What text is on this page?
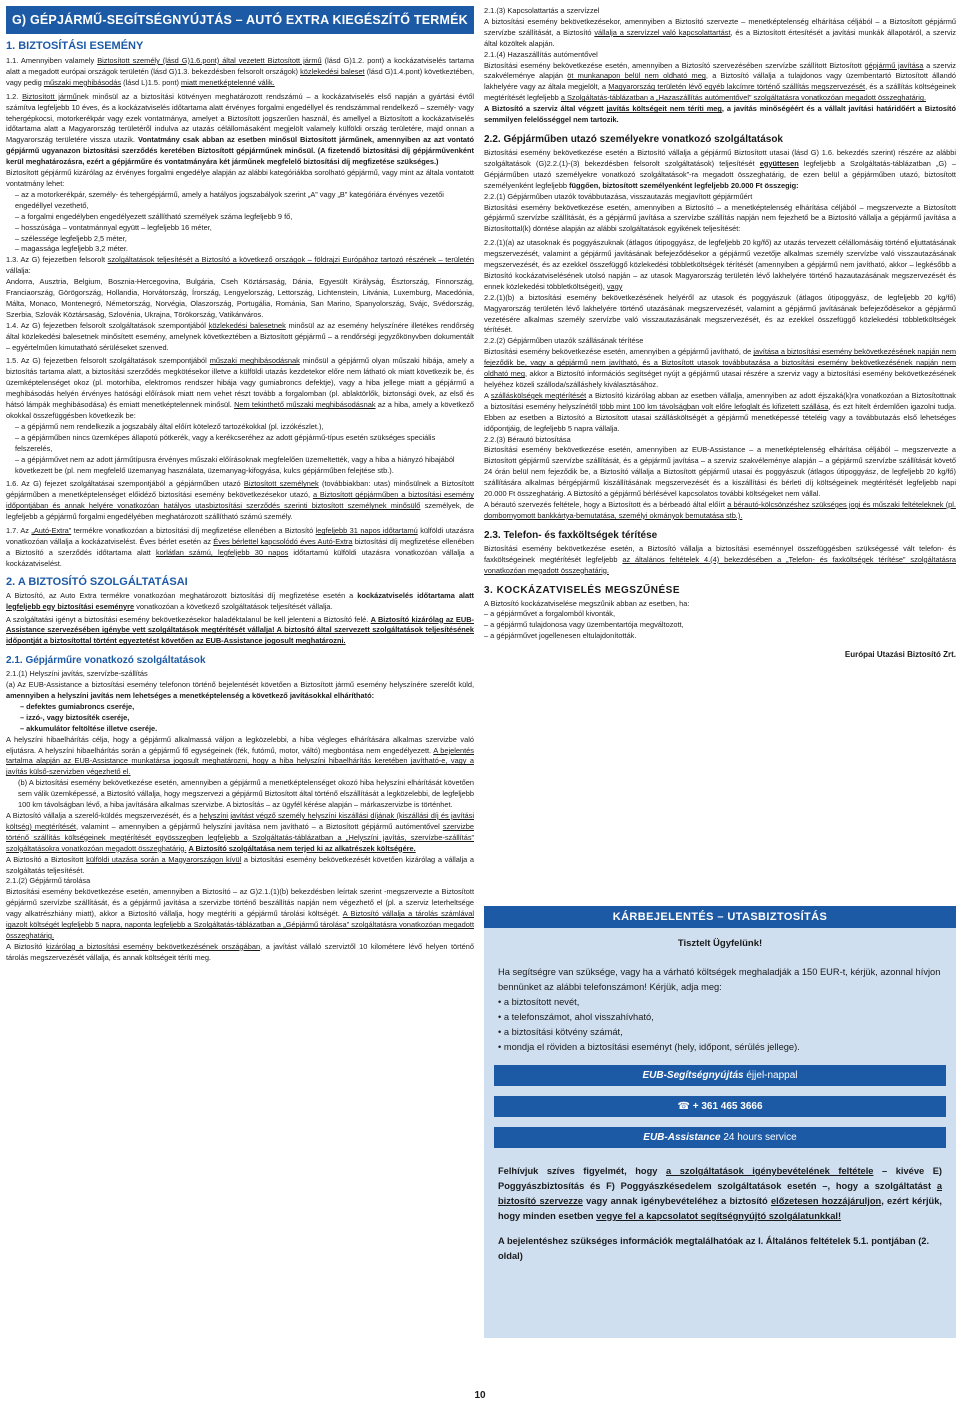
G) GÉPJÁRMŰ-SEGÍTSÉGNYÚJTÁS – AUTÓ EXTRA KIEGÉSZÍTŐ TERMÉK
1. BIZTOSÍTÁSI ESEMÉNY
1.1. Amennyiben valamely Biztosított személy (lásd G)1.6.pont) által vezetett Biztosított jármű (lásd G)1.2. pont) a kockázatviselés tartama alatt a megadott európai országok területén (lásd G)1.3. bekezdésben felsorolt országok) közlekedési baleset (lásd G)1.4.pont) következtében, vagy pedig műszaki meghibásodás (lásd L)1.5. pont) miatt menetképtelenné válik.
1.2. Biztosított járműnek minősül az a biztosítási kötvényen meghatározott rendszámú – a kockázatviselés első napján a gyártási évtől számítva legfeljebb 10 éves, és a kockázatviselés időtartama alatt érvényes forgalmi engedéllyel és rendszámmal rendelkező – személy- vagy tehergépkocsi, motorkerékpár vagy ezek vontatmánya, amelyet a Biztosított jogszerűen használ, és amellyel a Biztosított a kockázatviselés időtartama alatt a Magyarország területéről indulva az utazás célállomásaként megjelölt valamely külföldi ország területére, majd onnan a Magyarország területére vissza utazik. Vontatmány csak abban az esetben minősül Biztosított járműnek, amennyiben az azt vontató gépjármű ugyanazon biztosítási szerződés keretében Biztosított gépjárműnek minősül. (A fizetendő biztosítási díj gépjárművenként kerül meghatározásra, ezért a gépjárműre és vontatmányára két járműnek megfelelő biztosítási díj megfizetése szükséges.)
Biztosított gépjármű kizárólag az érvényes forgalmi engedélye alapján az alábbi kategóriákba sorolható gépjármű, vagy mint az általa vontatott vontatmány lehet:
– az a motorkerékpár, személy- és tehergépjármű, amely a hatályos jogszabályok szerint „A” vagy „B” kategóriára érvényes vezetői engedéllyel vezethető,
– a forgalmi engedélyben engedélyezett szállítható személyek száma legfeljebb 9 fő,
– hosszúsága – vontatmánnyal együtt – legfeljebb 16 méter,
– szélessége legfeljebb 2,5 méter,
– magassága legfeljebb 3,2 méter.
1.3. Az G) fejezetben felsorolt szolgáltatások teljesítését a Biztosító a következő országok – földrajzi Európához tartozó részének – területén vállalja:
Andorra, Ausztria, Belgium, Bosznia-Hercegovina, Bulgária, Cseh Köztársaság, Dánia, Egyesült Királyság, Észtország, Finnország, Franciaország, Görögország, Hollandia, Horvátország, Írország, Lengyelország, Lettország, Lichtenstein, Litvánia, Luxemburg, Macedónia, Málta, Monaco, Montenegró, Németország, Norvégia, Olaszország, Portugália, Románia, San Marino, Spanyolország, Svájc, Svédország, Szerbia, Szlovák Köztársaság, Szlovénia, Ukrajna, Törökország, Vatikánváros.
1.4. Az G) fejezetben felsorolt szolgáltatások szempontjából közlekedési balesetnek minősül az az esemény helyszínére illetékes rendőrség által közlekedési balesetnek minősített esemény, amelynek következtében a Biztosított gépjármű – a rendőrségi jegyzőkönyvben dokumentált – egyértelműen kimutatható sérüléseket szenved.
1.5. Az G) fejezetben felsorolt szolgáltatások szempontjából műszaki meghibásodásnak minősül a gépjármű olyan műszaki hibája, amely a biztosítás tartama alatt, a biztosítási szerződés megkötésekor illetve a külföldi utazás kezdetekor előre nem látható ok miatt következik be, és üzemképtelenséget okoz (pl. motorhiba, elektromos rendszer hibája vagy gumiabroncs defektje), vagy a hiba jellege miatt a gépjármű a meghibásodás helyén érvényes hatósági előírások miatt nem vehet részt tovább a forgalomban (pl. ablaktörlők, biztonsági övek, az első és hátsó lámpák meghibásodása) és emiatt menetképtelennek minősül. Nem tekinthető műszaki meghibásodásnak az a hiba, amely a következő okokkal összefüggésben következik be:
– a gépjármű nem rendelkezik a jogszabály által előírt kötelező tartozékokkal (pl. izzókészlet.),
– a gépjárműben nincs üzemképes állapotú pótkerék, vagy a kerékcseréhez az adott gépjármű-típus esetén szükséges speciális felszerelés,
– a gépjárművet nem az adott járműtípusra érvényes műszaki előírásoknak megfelelően üzemeltették, vagy a hiba a hiányzó hibajából következett be (pl. nem megfelelő üzemanyag használata, üzemanyag-kifogyása, kulcs gépjárműben felejtése stb.).
1.6. Az G) fejezet szolgáltatásai szempontjából a gépjárműben utazó Biztosított személynek (továbbiakban: utas) minősülnek a Biztosított gépjárműben a menetképtelenséget előidéző biztosítási esemény bekövetkezésekor utazó, a Biztosított gépjárműben a biztosítási esemény időpontjában és annak helyére vonatkozóan hatályos utasbiztosítási szerződés szerinti biztosított személynek minősülő személyek, de legfeljebb a gépjármű forgalmi engedélyében meghatározott szállítható számú személy.
1.7. Az „Autó-Extra” termékre vonatkozóan a biztosítási díj megfizetése ellenében a Biztosító legfeljebb 31 napos időtartamú külföldi utazásra vonatkozóan vállalja a kockázatviselést. Éves bérlet esetén az Éves bérlettel kapcsolódó éves Autó-Extra biztosítási díj megfizetése ellenében a Biztosító a szerződés időtartama alatt korlátlan számú, legfeljebb 30 napos időtartamú külföldi utazásra vonatkozóan vállalja a kockázatviselést.
2. A BIZTOSÍTÓ SZOLGÁLTATÁSAI
A Biztosító, az Auto Extra termékre vonatkozóan meghatározott biztosítási díj megfizetése esetén a kockázatviselés időtartama alatt legfeljebb egy biztosítási eseményre vonatkozóan a következő szolgáltatások teljesítését vállalja.
A szolgáltatási igényt a biztosítási esemény bekövetkezésekor haladéktalanul be kell jelenteni a Biztosító felé. A Biztosító kizárólag az EUB-Assistance szervezésében igénybe vett szolgáltatások megtérítését vállalja! A biztosító által szervezett szolgáltatások teljesítésének időpontját a biztosítottal történt egyeztetést követően az EUB-Assistance jogosult meghatározni.
2.1. Gépjárműre vonatkozó szolgáltatások
2.1.(1) Helyszíni javítás, szervízbe-szállítás
(a) Az EUB-Assistance a biztosítási esemény telefonon történő bejelentését követően a Biztosított jármű esemény helyszínére szerelőt küld, amennyiben a helyszíni javítás nem lehetséges a menetképtelenség a következő javításokkal elhárítható:
– defektes gumiabroncs cseréje,
– izzó-, vagy biztosíték cseréje,
– akkumulátor feltöltése illetve cseréje.
A helyszíni hibaelhárítás célja, hogy a gépjármű alkalmassá váljon a legközelebbi, a hiba végleges elhárítására alkalmas szervizbe való eljutásra. A helyszíni hibaelhárítás során a gépjármű fő egységeinek (fék, futómű, motor, váltó) megbontása nem engedélyezett. A bejelentés tartalma alapján az EUB-Assistance munkatársa jogosult meghatározni, hogy a hiba helyszíni hibaelhárítás keretében javítható-e, vagy a javítás külső-szervizben végezhető el.
(b) A biztosítási esemény bekövetkezése esetén, amennyiben a gépjármű a menetképtelenséget okozó hiba helyszíni elhárítását követően sem válik üzemképessé, a Biztosító vállalja, hogy megszervezi a gépjármű Biztosított által történő elszállítását a legközelebbi, de legfeljebb 100 km távolságban lévő, a hiba javítására alkalmas szervizbe. A biztosítás – az ügyfél kérése alapján – márkaszervizbe is történhet.
A Biztosító vállalja a szerelő-küldés megszervezését, és a helyszíni javítást végző személy helyszíni kiszállási díjának (kiszállási díj és javítási költség) megtérítését, valamint – amennyiben a gépjármű helyszíni javítása nem javítható – a Biztosított gépjármű autómentővel szervizbe történő szállítás költségeinek megtérítését egyösszegben legfeljebb a Szolgáltatás-táblázatban a „Helyszíni javítás, szervízbe-szállítás” szolgáltatásokra vonatkozóan megadott összeghatárig. A Biztosító szolgáltatása nem terjed ki az alkatrészek költségére.
A Biztosító a Biztosított külföldi utazása során a Magyarországon kívül a biztosítási esemény bekövetkezését követően kizárólag a vállalja a szolgáltatás teljesítését.
2.1.(2) Gépjármű tárolása
Biztosítási esemény bekövetkezése esetén, amennyiben a Biztosító – az G)2.1.(1)(b) bekezdésben leírtak szerint -megszervezte a Biztosított gépjármű szervízbe szállítását, és a gépjármű javítása a szervizbe történő beszállítás napján nem végezhető el (pl. a szerviz leterheltsége vagy alkatrészhiány miatt), akkor a Biztosító vállalja, hogy megtéríti a gépjármű tárolási költségét. A Biztosító vállalja a tárolás számlával igazolt költségét legfeljebb 5 napra, naponta legfeljebb a Szolgáltatás-táblázatban a „Gépjármű tárolása” szolgáltatásra vonatkozóan megadott összeghatárig.
A Biztosító kizárólag a biztosítási esemény bekövetkezésének országában, a javítást vállaló szerviztől 10 kilométere lévő helyen történő tárolás megszervezését vállalja, és annak költségeit téríti meg.
2.1.(3) Kapcsolattartás a szervízzel
A biztosítási esemény bekövetkezésekor, amennyiben a Biztosító szervezte – menetképtelenség elhárítása céljából – a Biztosított gépjármű szervízbe szállítását, a Biztosító vállalja a szervízzel való kapcsolattartást, és a Biztosított értesítését a javítási munkák állapotáról, a szerviz által közöltek alapján.
2.1.(4) Hazaszállítás autómentővel
Biztosítási esemény bekövetkezése esetén, amennyiben a Biztosító szervezésében szervízbe szállított Biztosított gépjármű javítása a szerviz szakvéleménye alapján öt munkanapon belül nem oldható meg, a Biztosító vállalja a tulajdonos vagy üzembentartó Biztosított állandó lakhelyére vagy az általa megjelölt, a Magyarország területén lévő egyéb lakcímre történő szállítás megszervezését, és a szállítás költségeinek megtérítését legfeljebb a Szolgáltatás-táblázatban a „Hazaszállítás autómentővel” szolgáltatásra vonatkozóan megadott összeghatárig.
A Biztosító a szerviz által végzett javítás költségeit nem téríti meg, a javítás minőségéért és a vállalt javítási határidőért a Biztosító semmilyen felelősséggel nem tartozik.
2.2. Gépjárműben utazó személyekre vonatkozó szolgáltatások
Biztosítási esemény bekövetkezése esetén a Biztosító vállalja a gépjármű Biztosított utasai (lásd G) 1.6. bekezdés szerint) részére az alábbi szolgáltatások (G)2.2.(1)-(3) bekezdésben felsorolt szolgáltatások) teljesítését együttesen legfeljebb a Szolgáltatás-táblázatban „G) – Gépjárműben utazó személyekre vonatkozó szolgáltatások”-ra megadott összeghatárig, de ezen belül a gépjárműben utazó, biztosított személyenként legfeljebb függően, biztosított személyenként legfeljebb 20.000 Ft összegig:
2.2.(1) Gépjárműben utazók továbbutazása, visszautazás megjavított gépjárműért
Biztosítási esemény bekövetkezése esetén, amennyiben a Biztosító – a menetképtelenség elhárítása céljából – megszervezte a Biztosított gépjármű szervízbe szállítását, és a gépjármű javítása a szervízbe szállítás napján nem fejezhető be a Biztosító vállalja a gépjármű javítása a Biztosítottal(k) döntése alapján az alábbi szolgáltatások egyikének teljesítését:
2.2.(1)(a) az utasoknak és poggyászuknak (átlagos útipoggyász, de legfeljebb 20 kg/fő) az utazás tervezett célállomásáig történő eljuttatásának megszervezését, valamint a gépjármű javításának befejeződésekor a gépjármű vezetője alkalmas személy szervízbe való visszautazásának megszervezését, és az ezekkel összefüggő közlekedési többletköltségek térítését (amennyiben a gépjármű nem javítható, akkor – legkésőbb a Biztosító kockázatviselésének utolsó napján – az utasok Magyarország területén lévő lakhelyére történő hazautazásának megszervezését és ennek közlekedési többletköltségeit), vagy
2.2.(1)(b) a biztosítási esemény bekövetkezésének helyéről az utasok és poggyászuk (átlagos útipoggyász, de legfeljebb 20 kg/fő) Magyarország területén lévő lakhelyére történő utazásának megszervezését, valamint a gépjármű javításának befejeződésekor a gépjármű vezetésére alkalmas személy szervízbe való visszautazásának megszervezését, és az ezekkel összefüggő közlekedési többletköltségek térítését.
2.2.(2) Gépjárműben utazók szállásának térítése
Biztosítási esemény bekövetkezése esetén, amennyiben a gépjármű javítható, de javítása a biztosítási esemény bekövetkezésének napján nem fejeződik be, vagy a gépjármű nem javítható, és a Biztosított utasok továbbutazása a biztosítási esemény bekövetkezésének napján nem oldható meg, akkor a Biztosító információs segítséget nyújt a gépjármű utasai részére a szerviz vagy a biztosítási esemény bekövetkezésének helyéhez közeli szálloda/szálláshely kiválasztásához.
A szálláskölségek megtérítését a Biztosító kizárólag abban az esetben vállalja, amennyiben az adott éjszaká(k)ra vonatkozóan a Biztosítottnak a biztosítási esemény helyszínétől több mint 100 km távolságban volt előre lefoglalt és kifizetett szállása, és ezt hitelt érdemlően igazolni tudja. Ebben az esetben a Biztosító a Biztosított utasai szállásköltségét a gépjármű menetképessé tételéig vagy a továbbutazás első lehetséges időpontjáig, de legfeljebb 5 napra vállalja.
2.2.(3) Bérautó biztosítása
Biztosítási esemény bekövetkezése esetén, amennyiben az EUB-Assistance – a menetképtelenség elhárítása céljából – megszervezte a Biztosított gépjármű szervízbe szállítását, és a gépjármű javítása – a szerviz szakvéleménye alapján – a gépjármű szervízbe szállítását követő 24 órán belül nem fejeződik be, a Biztosító vállalja a Biztosított gépjármű utasai és poggyászuk (átlagos útipoggyász, de legfeljebb 20 kg/fő) szállítására alkalmas bérgépjármű kiszállításának megszervezését és a kiszállítási és bérleti díj költségeinek megtérítését legfeljebb napi 20.000 Ft összeghatárig. A Biztosító a gépjármű bérlésével kapcsolatos további költségeket nem vállal.
A bérautó szervezés feltétele, hogy a Biztosított és a bérbeadó által előírt a bérautó-kölcsönzéshez szükséges jogi és műszaki feltételeknek (pl. dombornyomott bankkártya-bemutatása, személyi okmányok bemutatása stb.).
2.3. Telefon- és faxköltségek térítése
Biztosítási esemény bekövetkezése esetén, a Biztosító vállalja a biztosítási eseménnyel összefüggésben szükségessé vált telefon- és faxköltségeinek megtérítését legfeljebb az általános feltételek 4.(4) bekezdésében a „Telefon- és faxköltségek térítése” szolgáltatásra vonatkozóan megadott összeghatárig.
3. KOCKÁZATVISELÉS MEGSZŰNÉSE
A Biztosító kockázatviselése megszűnik abban az esetben, ha:
– a gépjárművet a forgalomból kivonták,
– a gépjármű tulajdonosa vagy üzembentartója megváltozott,
– a gépjárművet jogellenesen eltulajdonították.
Európai Utazási Biztosító Zrt.
KÁRBEJELENTÉS – UTASBIZTOSÍTÁS
Tisztelt Ügyfelünk!
Ha segítségre van szüksége, vagy ha a várható költségek meghaladják a 150 EUR-t, kérjük, azonnal hívjon bennünket az alábbi telefonszámon! Kérjük, adja meg:
• a biztosított nevét,
• a telefonszámot, ahol visszahívható,
• a biztosítási kötvény számát,
• mondja el röviden a biztosítási eseményt (hely, időpont, sérülés jellege).
EUB-Segítségnyújtás éjjel-nappal
☎ + 361 465 3666
EUB-Assistance 24 hours service
Felhívjuk szíves figyelmét, hogy a szolgáltatások igénybevételének feltétele – kivéve E) Poggyászbiztosítás és F) Poggyászkésedelem szolgáltatások esetén –, hogy a szolgáltatást a biztosító szervezze vagy annak igénybevételéhez a biztosító előzetesen hozzájáruljon, ezért kérjük, hogy minden esetben vegye fel a kapcsolatot segítségnyújtó szolgálatunkkal!
A bejelentéshez szükséges információk megtalálhatóak az I. Általános feltételek 5.1. pontjában (2. oldal)
10
